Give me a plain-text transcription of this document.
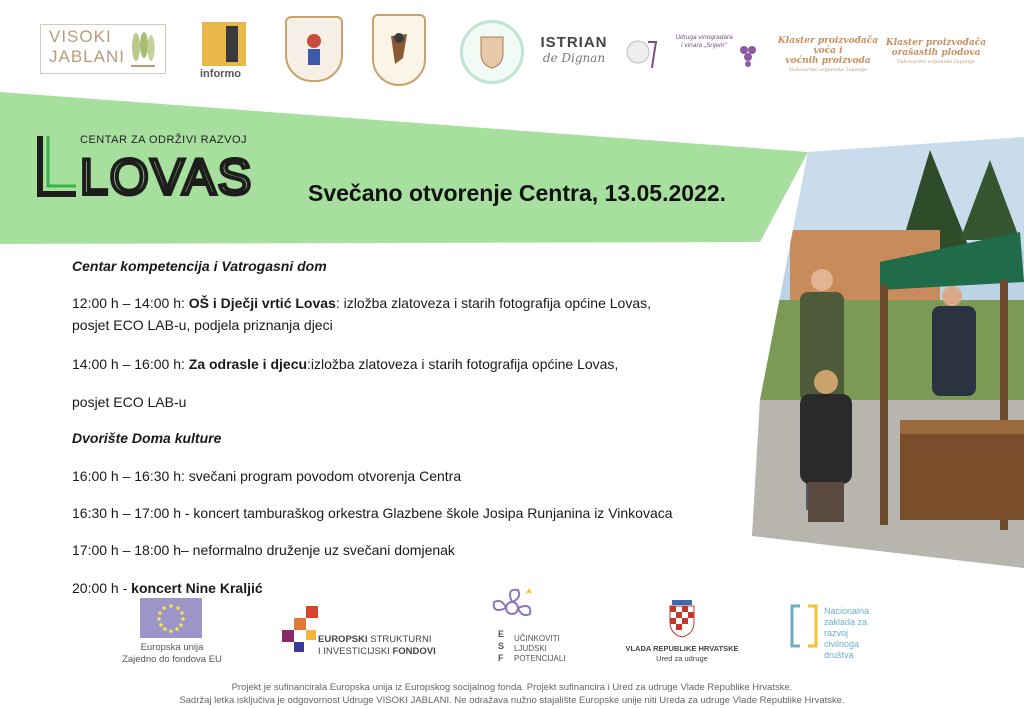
VISOKI
JABLANI
informo
ISTRIAN
de Dignan
Udruga vinogradara i vinara „Srijem"	Klaster proizvođača
voća i
voćnih proizvoda
Vukovarsko-srijemske županije
Klaster proizvođača
orašastih plodova
Vukovarsko-srijemske županije
CENTAR ZA ODRŽIVI RAZVOJ
LOVAS Svečano otvorenje Centra, 13.05.2022.
Centar kompetencija i Vatrogasni dom
12:00 h – 14:00 h: OŠ i Dječji vrtić Lovas: izložba zlatoveza i starih fotografija općine Lovas,
posjet ECO LAB-u, podjela priznanja djeci
14:00 h – 16:00 h: Za odrasle i djecu:izložba zlatoveza i starih fotografija općine Lovas,
posjet ECO LAB-u
Dvorište Doma kulture
16:00 h – 16:30 h: svečani program povodom otvorenja Centra
16:30 h – 17:00 h - koncert tamburaškog orkestra Glazbene škole Josipa Runjanina iz Vinkovaca
17:00 h – 18:00 h– neformalno druženje uz svečani domjenak
20:00 h - koncert Nine Kraljić
Europska unija
Zajedno do fondova EU
EUROPSKI STRUKTURNI
I INVESTICIJSKI FONDOVI
ESF
UČINKOVITI
LJUDSKI
POTENCIJALI
VLADA REPUBLIKE HRVATSKE
Ured za udruge
Nacionalna
zaklada za
razvoj
civilnoga
društva
Projekt je sufinancirala Europska unija iz Europskog socijalnog fonda. Projekt sufinancira i Ured za udruge Vlade Republike Hrvatske.
Sadržaj letka isključiva je odgovornost Udruge VISOKI JABLANI. Ne odražava nužno stajalište Europske unije niti Ureda za udruge Vlade Republike Hrvatske.
